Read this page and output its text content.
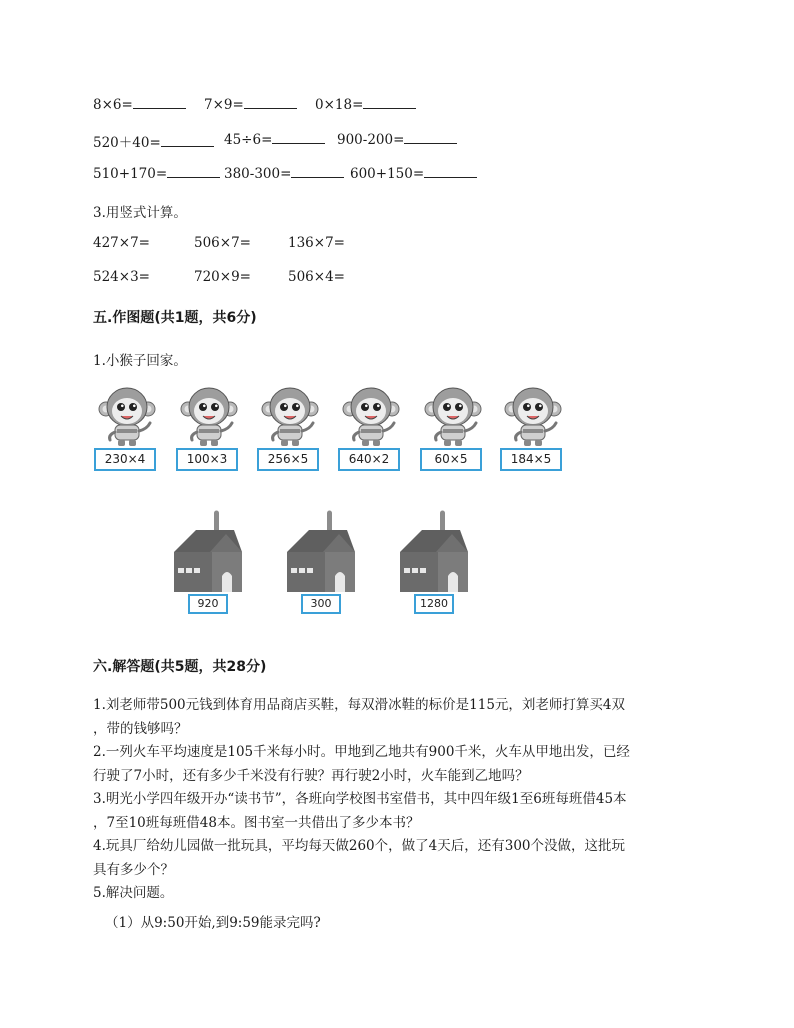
8×6=	7×9=	0×18=
520＋40=	45÷6=	900-200=
510+170=	380-300=	600+150=
3.用竖式计算。
427×7=	506×7=	136×7=
524×3=	720×9=	506×4=
五.作图题(共1题，共6分)
1.小猴子回家。
230×4	100×3	256×5	640×2	60×5	184×5
920	300	1280
六.解答题(共5题，共28分)
1.刘老师带500元钱到体育用品商店买鞋，每双滑冰鞋的标价是115元，刘老师打算买4双
，带的钱够吗？
2.一列火车平均速度是105千米每小时。甲地到乙地共有900千米，火车从甲地出发，已经
行驶了7小时，还有多少千米没有行驶？再行驶2小时，火车能到乙地吗？
3.明光小学四年级开办“读书节”，各班向学校图书室借书，其中四年级1至6班每班借45本
，7至10班每班借48本。图书室一共借出了多少本书？
4.玩具厂给幼儿园做一批玩具，平均每天做260个，做了4天后，还有300个没做，这批玩
具有多少个？
5.解决问题。
（1）从9:50开始,到9:59能录完吗?
